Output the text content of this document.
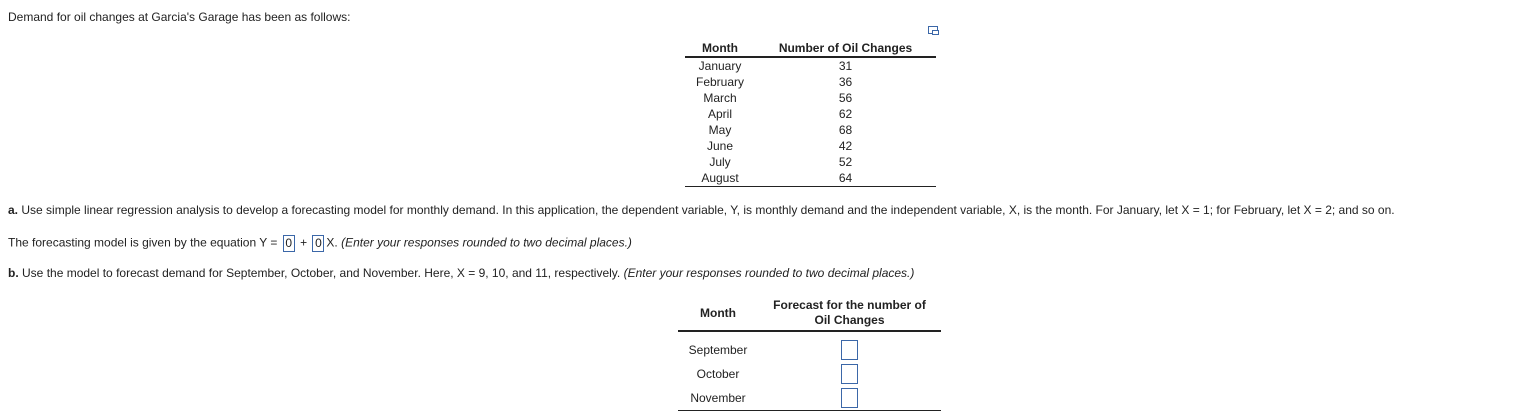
Demand for oil changes at Garcia's Garage has been as follows:
Month	Number of Oil Changes
January	31
February	36
March	56
April	62
May	68
June	42
July	52
August	64
a. Use simple linear regression analysis to develop a forecasting model for monthly demand. In this application, the dependent variable, Y, is monthly demand and the independent variable, X, is the month. For January, let X = 1; for February, let X = 2; and so on.
The forecasting model is given by the equation Y = 0 + 0 X. (Enter your responses rounded to two decimal places.)
b. Use the model to forecast demand for September, October, and November. Here, X = 9, 10, and 11, respectively. (Enter your responses rounded to two decimal places.)
Month	Forecast for the number of
Oil Changes

September	
October	
November	
